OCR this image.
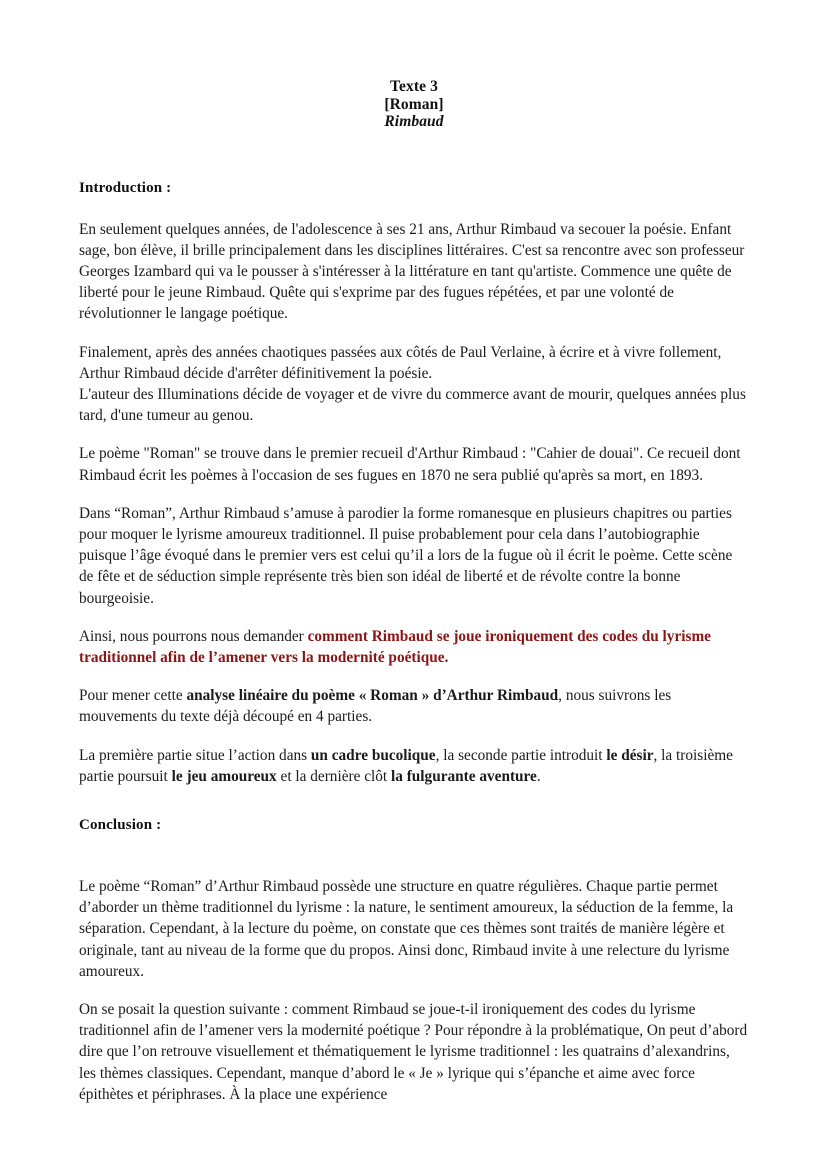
Texte 3
[Roman]
Rimbaud
Introduction :

En seulement quelques années, de l'adolescence à ses 21 ans, Arthur Rimbaud va secouer la poésie. Enfant sage, bon élève, il brille principalement dans les disciplines littéraires. C'est sa rencontre avec son professeur Georges Izambard qui va le pousser à s'intéresser à la littérature en tant qu'artiste. Commence une quête de liberté pour le jeune Rimbaud. Quête qui s'exprime par des fugues répétées, et par une volonté de révolutionner le langage poétique.

Finalement, après des années chaotiques passées aux côtés de Paul Verlaine, à écrire et à vivre follement, Arthur Rimbaud décide d'arrêter définitivement la poésie.
L'auteur des Illuminations décide de voyager et de vivre du commerce avant de mourir, quelques années plus tard, d'une tumeur au genou.

Le poème "Roman" se trouve dans le premier recueil d'Arthur Rimbaud : "Cahier de douai". Ce recueil dont Rimbaud écrit les poèmes à l'occasion de ses fugues en 1870 ne sera publié qu'après sa mort, en 1893.

Dans “Roman”, Arthur Rimbaud s’amuse à parodier la forme romanesque en plusieurs chapitres ou parties pour moquer le lyrisme amoureux traditionnel. Il puise probablement pour cela dans l’autobiographie puisque l’âge évoqué dans le premier vers est celui qu’il a lors de la fugue où il écrit le poème. Cette scène de fête et de séduction simple représente très bien son idéal de liberté et de révolte contre la bonne bourgeoisie.

Ainsi, nous pourrons nous demander comment Rimbaud se joue ironiquement des codes du lyrisme traditionnel afin de l’amener vers la modernité poétique.

Pour mener cette analyse linéaire du poème « Roman » d’Arthur Rimbaud, nous suivrons les mouvements du texte déjà découpé en 4 parties.

La première partie situe l’action dans un cadre bucolique, la seconde partie introduit le désir, la troisième partie poursuit le jeu amoureux et la dernière clôt la fulgurante aventure.

Conclusion :

Le poème “Roman” d’Arthur Rimbaud possède une structure en quatre régulières. Chaque partie permet d’aborder un thème traditionnel du lyrisme : la nature, le sentiment amoureux, la séduction de la femme, la séparation. Cependant, à la lecture du poème, on constate que ces thèmes sont traités de manière légère et originale, tant au niveau de la forme que du propos. Ainsi donc, Rimbaud invite à une relecture du lyrisme amoureux.

On se posait la question suivante : comment Rimbaud se joue-t-il ironiquement des codes du lyrisme traditionnel afin de l’amener vers la modernité poétique ? Pour répondre à la problématique, On peut d’abord dire que l’on retrouve visuellement et thématiquement le lyrisme traditionnel : les quatrains d’alexandrins, les thèmes classiques. Cependant, manque d’abord le « Je » lyrique qui s’épanche et aime avec force épithètes et périphrases. À la place une expérience
